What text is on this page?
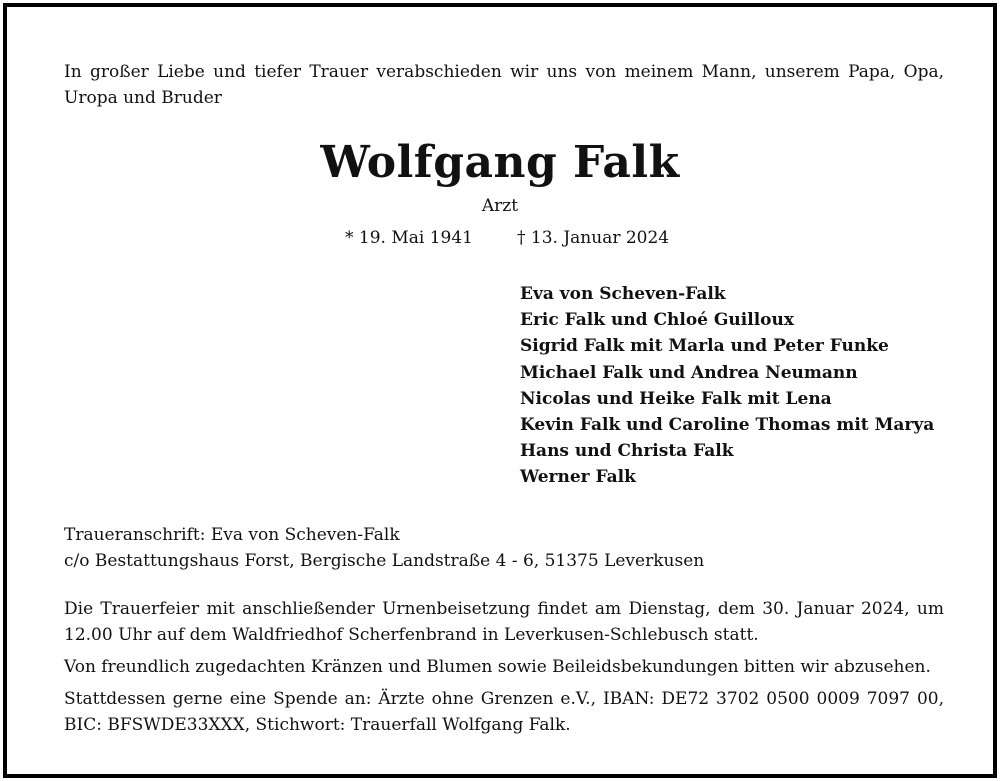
In großer Liebe und tiefer Trauer verabschieden wir uns von meinem Mann, unserem Papa, Opa, Uropa und Bruder
Wolfgang Falk
Arzt
* 19. Mai 1941	† 13. Januar 2024
Eva von Scheven-Falk
Eric Falk und Chloé Guilloux
Sigrid Falk mit Marla und Peter Funke
Michael Falk und Andrea Neumann
Nicolas und Heike Falk mit Lena
Kevin Falk und Caroline Thomas mit Marya
Hans und Christa Falk
Werner Falk
Traueranschrift: Eva von Scheven-Falk
c/o Bestattungshaus Forst, Bergische Landstraße 4 - 6, 51375 Leverkusen
Die Trauerfeier mit anschließender Urnenbeisetzung findet am Dienstag, dem 30. Januar 2024, um 12.00 Uhr auf dem Waldfriedhof Scherfenbrand in Leverkusen-Schlebusch statt.
Von freundlich zugedachten Kränzen und Blumen sowie Beileidsbekundungen bitten wir abzusehen.
Stattdessen gerne eine Spende an: Ärzte ohne Grenzen e.V., IBAN: DE72 3702 0500 0009 7097 00, BIC: BFSWDE33XXX, Stichwort: Trauerfall Wolfgang Falk.
